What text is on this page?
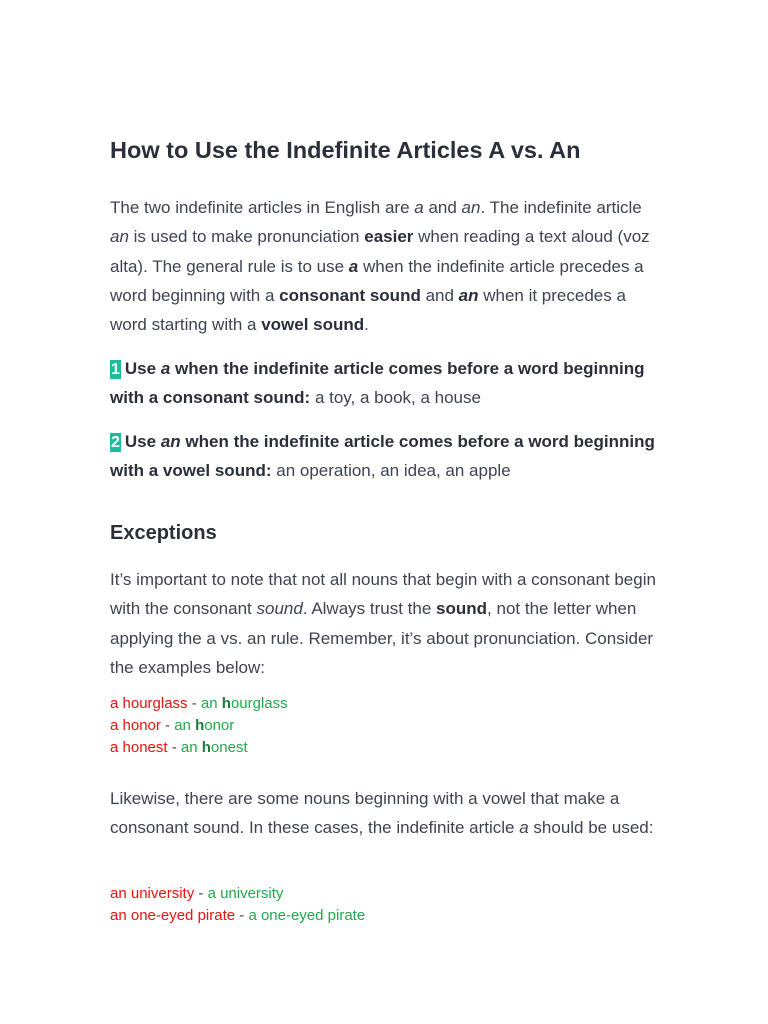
How to Use the Indefinite Articles A vs. An

The two indefinite articles in English are a and an. The indefinite article an is used to make pronunciation easier when reading a text aloud (voz alta). The general rule is to use a when the indefinite article precedes a word beginning with a consonant sound and an when it precedes a word starting with a vowel sound.

1 Use a when the indefinite article comes before a word beginning with a consonant sound: a toy, a book, a house

2 Use an when the indefinite article comes before a word beginning with a vowel sound: an operation, an idea, an apple

Exceptions

It’s important to note that not all nouns that begin with a consonant begin with the consonant sound. Always trust the sound, not the letter when applying the a vs. an rule. Remember, it’s about pronunciation. Consider the examples below:

a hourglass - an hourglass
a honor - an honor
a honest - an honest

Likewise, there are some nouns beginning with a vowel that make a consonant sound. In these cases, the indefinite article a should be used:

an university - a university
an one-eyed pirate - a one-eyed pirate
